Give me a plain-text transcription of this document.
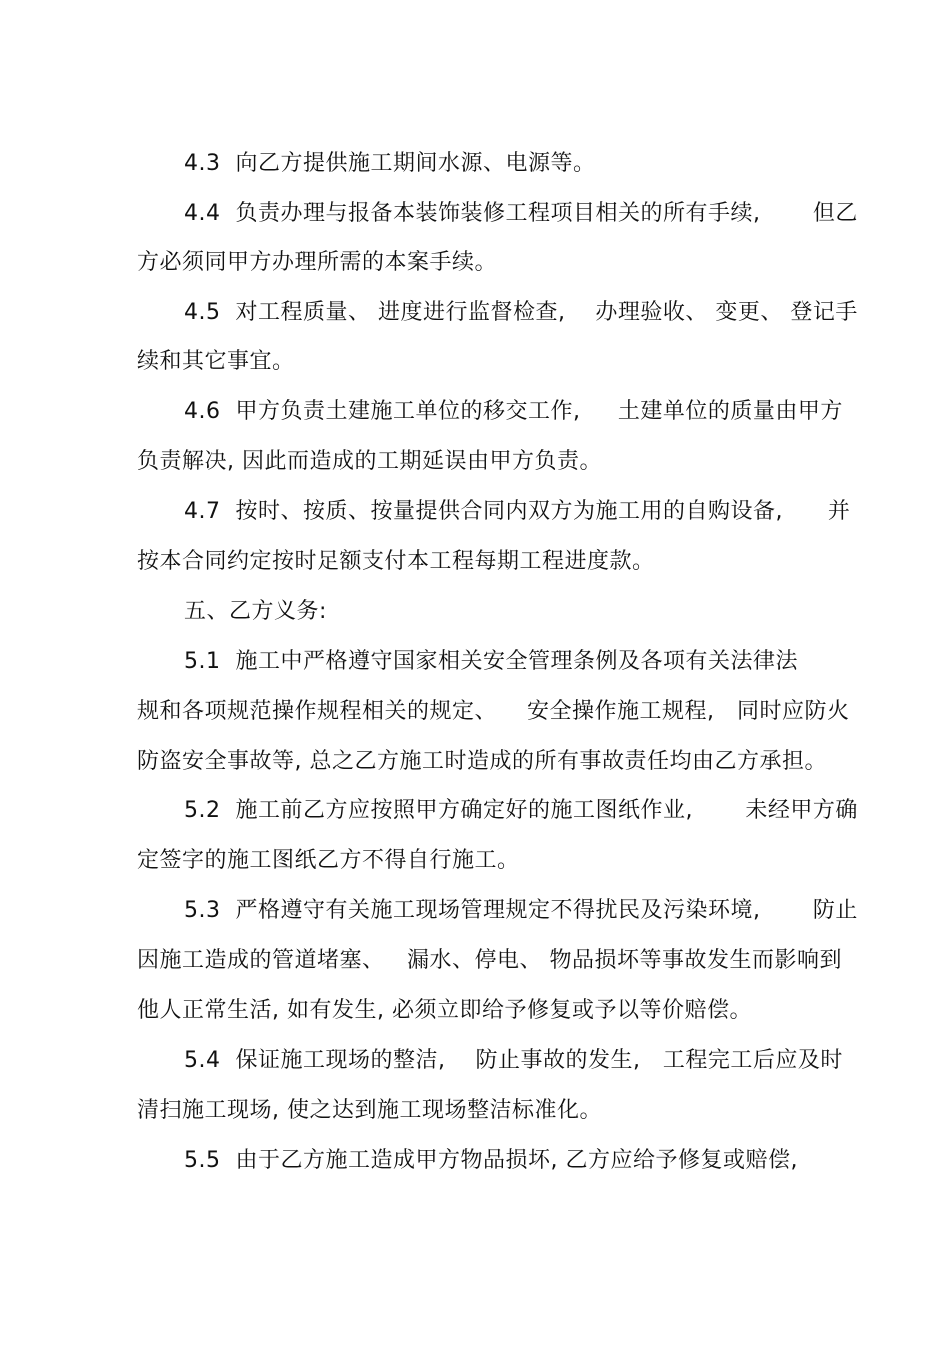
4.3  向乙方提供施工期间水源、电源等。
4.4  负责办理与报备本装饰装修工程项目相关的所有手续,       但乙
方必须同甲方办理所需的本案手续。
4.5  对工程质量、 进度进行监督检查,    办理验收、 变更、 登记手
续和其它事宜。
4.6  甲方负责土建施工单位的移交工作,     土建单位的质量由甲方
负责解决, 因此而造成的工期延误由甲方负责。
4.7  按时、按质、按量提供合同内双方为施工用的自购设备,      并
按本合同约定按时足额支付本工程每期工程进度款。
五、乙方义务:
5.1  施工中严格遵守国家相关安全管理条例及各项有关法律法
规和各项规范操作规程相关的规定、    安全操作施工规程,   同时应防火
防盗安全事故等, 总之乙方施工时造成的所有事故责任均由乙方承担。
5.2  施工前乙方应按照甲方确定好的施工图纸作业,       未经甲方确
定签字的施工图纸乙方不得自行施工。
5.3  严格遵守有关施工现场管理规定不得扰民及污染环境,       防止
因施工造成的管道堵塞、   漏水、停电、 物品损坏等事故发生而影响到
他人正常生活, 如有发生, 必须立即给予修复或予以等价赔偿。
5.4  保证施工现场的整洁,    防止事故的发生,   工程完工后应及时
清扫施工现场, 使之达到施工现场整洁标准化。
5.5  由于乙方施工造成甲方物品损坏, 乙方应给予修复或赔偿,
